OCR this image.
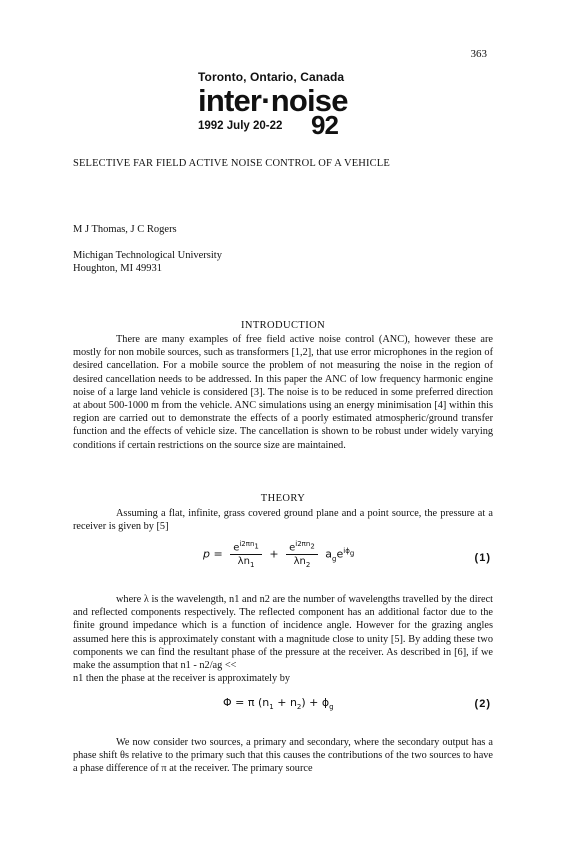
363
Toronto, Ontario, Canada
inter·noise
1992 July 20-22 92
SELECTIVE FAR FIELD ACTIVE NOISE CONTROL OF A VEHICLE
M J Thomas, J C Rogers
Michigan Technological University
Houghton, MI 49931
INTRODUCTION

There are many examples of free field active noise control (ANC), however these are mostly for non mobile sources, such as transformers [1,2], that use error microphones in the region of desired cancellation. For a mobile source the problem of not measuring the noise in the region of desired cancellation needs to be addressed. In this paper the ANC of low frequency harmonic engine noise of a large land vehicle is considered [3]. The noise is to be reduced in some preferred direction at about 500-1000 m from the vehicle. ANC simulations using an energy minimisation [4] within this region are carried out to demonstrate the effects of a poorly estimated atmospheric/ground transfer function and the effects of vehicle size. The cancellation is shown to be robust under widely varying conditions if certain restrictions on the source size are maintained.

THEORY

Assuming a flat, infinite, grass covered ground plane and a point source, the pressure at a receiver is given by [5]

$p = \frac{e^{i2\pi n_1}}{\lambda n_1} + \frac{e^{i2\pi n_2}}{\lambda n_2} a_ge^{i\phi_g}$	(1)

where λ is the wavelength, n1 and n2 are the number of wavelengths travelled by the direct and reflected components respectively. The reflected component has an additional factor due to the finite ground impedance which is a function of incidence angle. However for the grazing angles assumed here this is approximately constant with a magnitude close to unity [5]. By adding these two components we can find the resultant phase of the pressure at the receiver. As described in [6], if we make the assumption that n1 - n2/ag <<

n1 then the phase at the receiver is approximately by

Φ = π $(n_1 + n_2) + \phi_g$	(2)

We now consider two sources, a primary and secondary, where the secondary output has a phase shift θs relative to the primary such that this causes the contributions of the two sources to have a phase difference of π at the receiver. The primary source
